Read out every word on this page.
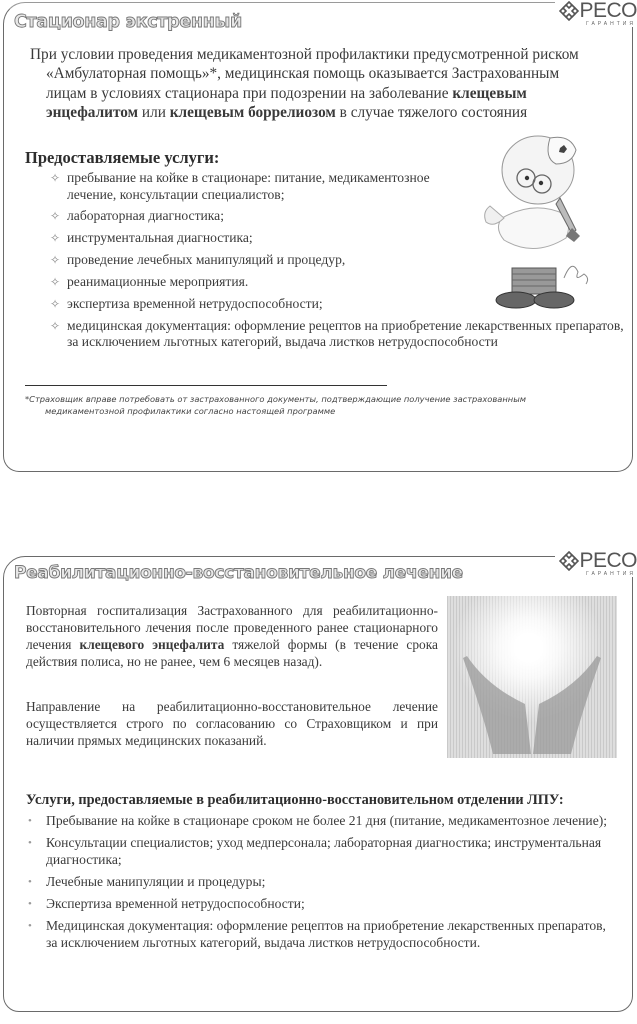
PECO
ГАРАНТИЯ
Стационар экстренный
При условии проведения медикаментозной профилактики предусмотренной риском «Амбулаторная помощь»*, медицинская помощь оказывается Застрахованным лицам в условиях стационара при подозрении на заболевание клещевым энцефалитом или клещевым боррелиозом в случае тяжелого состояния
Предоставляемые услуги:
✧ пребывание на койке в стационаре: питание, медикаментозное лечение, консультации специалистов;
✧ лабораторная диагностика;
✧ инструментальная диагностика;
✧ проведение лечебных манипуляций и процедур,
✧ реанимационные мероприятия.
✧ экспертиза временной нетрудоспособности;
✧ медицинская документация: оформление рецептов на приобретение лекарственных препаратов, за исключением льготных категорий, выдача листков нетрудоспособности
*Страховщик вправе потребовать от застрахованного документы, подтверждающие получение застрахованным
медикаментозной профилактики согласно настоящей программе
PECO
ГАРАНТИЯ
Реабилитационно-восстановительное лечение
Повторная госпитализация Застрахованного для реабилитационно-восстановительного лечения после проведенного ранее стационарного лечения клещевого энцефалита тяжелой формы (в течение срока действия полиса, но не ранее, чем 6 месяцев назад).
Направление на реабилитационно-восстановительное лечение осуществляется строго по согласованию со Страховщиком и при наличии прямых медицинских показаний.
Услуги, предоставляемые в реабилитационно-восстановительном отделении ЛПУ:
• Пребывание на койке в стационаре сроком не более 21 дня (питание, медикаментозное лечение);
• Консультации специалистов; уход медперсонала; лабораторная диагностика; инструментальная диагностика;
• Лечебные манипуляции и процедуры;
• Экспертиза временной нетрудоспособности;
• Медицинская документация: оформление рецептов на приобретение лекарственных препаратов, за исключением льготных категорий, выдача листков нетрудоспособности.
